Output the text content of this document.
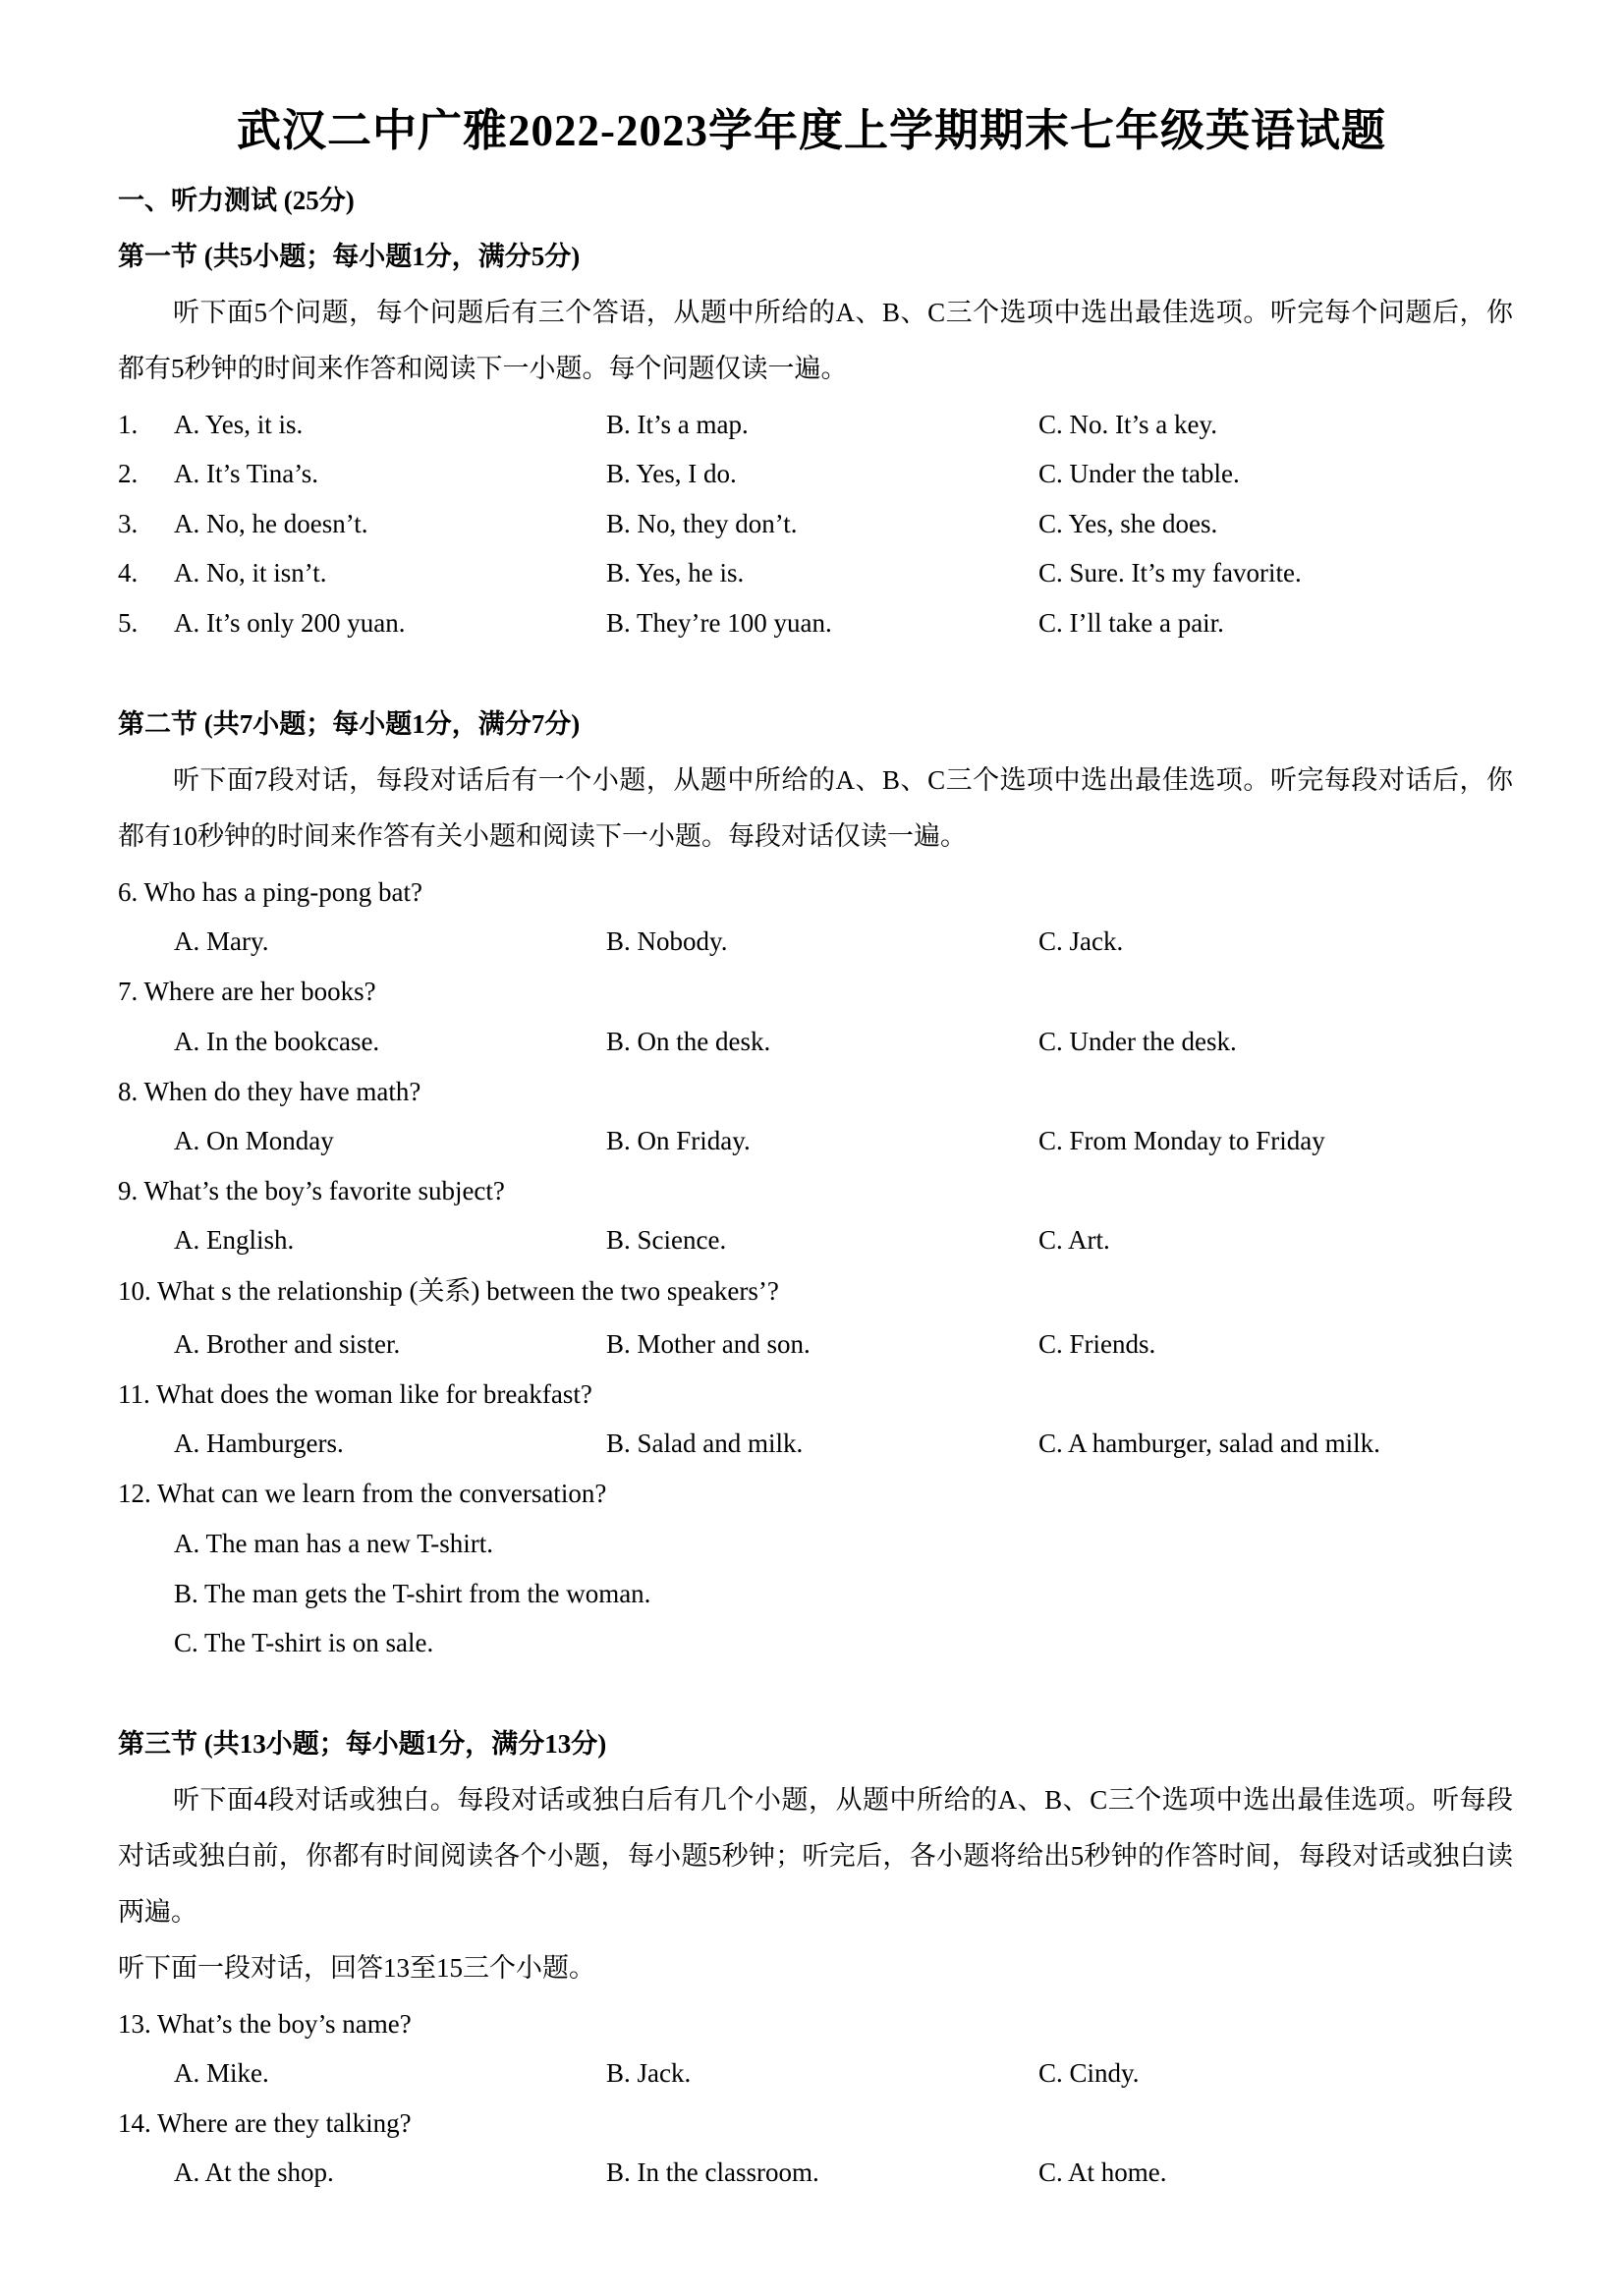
武汉二中广雅2022-2023学年度上学期期末七年级英语试题
一、听力测试 (25分)
第一节 (共5小题；每小题1分，满分5分)
听下面5个问题，每个问题后有三个答语，从题中所给的A、B、C三个选项中选出最佳选项。听完每个问题后，你都有5秒钟的时间来作答和阅读下一小题。每个问题仅读一遍。
1. A. Yes, it is.	B. It’s a map.	C. No. It’s a key.
2. A. It’s Tina’s.	B. Yes, I do.	C. Under the table.
3. A. No, he doesn’t.	B. No, they don’t.	C. Yes, she does.
4. A. No, it isn’t.	B. Yes, he is.	C. Sure. It’s my favorite.
5. A. It’s only 200 yuan.	B. They’re 100 yuan.	C. I’ll take a pair.
第二节 (共7小题；每小题1分，满分7分)
听下面7段对话，每段对话后有一个小题，从题中所给的A、B、C三个选项中选出最佳选项。听完每段对话后，你都有10秒钟的时间来作答有关小题和阅读下一小题。每段对话仅读一遍。
6. Who has a ping-pong bat?
A. Mary.	B. Nobody.	C. Jack.
7. Where are her books?
A. In the bookcase.	B. On the desk.	C. Under the desk.
8. When do they have math?
A. On Monday	B. On Friday.	C. From Monday to Friday
9. What’s the boy’s favorite subject?
A. English.	B. Science.	C. Art.
10. What s the relationship (关系) between the two speakers’?
A. Brother and sister.	B. Mother and son.	C. Friends.
11. What does the woman like for breakfast?
A. Hamburgers.	B. Salad and milk.	C. A hamburger, salad and milk.
12. What can we learn from the conversation?
A. The man has a new T-shirt.
B. The man gets the T-shirt from the woman.
C. The T-shirt is on sale.
第三节 (共13小题；每小题1分，满分13分)
听下面4段对话或独白。每段对话或独白后有几个小题，从题中所给的A、B、C三个选项中选出最佳选项。听每段对话或独白前，你都有时间阅读各个小题，每小题5秒钟；听完后，各小题将给出5秒钟的作答时间，每段对话或独白读两遍。
听下面一段对话，回答13至15三个小题。
13. What’s the boy’s name?
A. Mike.	B. Jack.	C. Cindy.
14. Where are they talking?
A. At the shop.	B. In the classroom.	C. At home.
